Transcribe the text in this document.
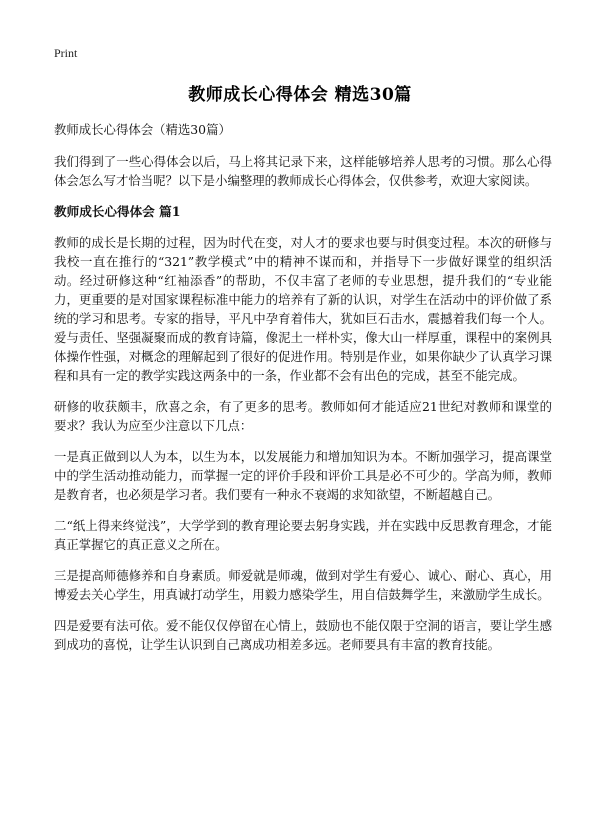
Print
教师成长心得体会 精选30篇

教师成长心得体会（精选30篇）

我们得到了一些心得体会以后，马上将其记录下来，这样能够培养人思考的习惯。那么心得体会怎么写才恰当呢？以下是小编整理的教师成长心得体会，仅供参考，欢迎大家阅读。

教师成长心得体会 篇1

教师的成长是长期的过程，因为时代在变，对人才的要求也要与时俱变过程。本次的研修与我校一直在推行的“321”教学模式”中的精神不谋而和，并指导下一步做好课堂的组织活动。经过研修这种“红袖添香”的帮助，不仅丰富了老师的专业思想，提升我们的“专业能力，更重要的是对国家课程标准中能力的培养有了新的认识，对学生在活动中的评价做了系统的学习和思考。专家的指导，平凡中孕育着伟大，犹如巨石击水，震撼着我们每一个人。爱与责任、坚强凝聚而成的教育诗篇，像泥土一样朴实，像大山一样厚重，课程中的案例具体操作性强，对概念的理解起到了很好的促进作用。特别是作业，如果你缺少了认真学习课程和具有一定的教学实践这两条中的一条，作业都不会有出色的完成，甚至不能完成。

研修的收获颇丰，欣喜之余，有了更多的思考。教师如何才能适应21世纪对教师和课堂的要求？我认为应至少注意以下几点：

一是真正做到以人为本，以生为本，以发展能力和增加知识为本。不断加强学习，提高课堂中的学生活动推动能力，而掌握一定的评价手段和评价工具是必不可少的。学高为师，教师是教育者，也必须是学习者。我们要有一种永不衰竭的求知欲望，不断超越自己。

二“纸上得来终觉浅”，大学学到的教育理论要去躬身实践，并在实践中反思教育理念，才能真正掌握它的真正意义之所在。

三是提高师德修养和自身素质。师爱就是师魂，做到对学生有爱心、诚心、耐心、真心，用博爱去关心学生，用真诚打动学生，用毅力感染学生，用自信鼓舞学生，来激励学生成长。

四是爱要有法可依。爱不能仅仅停留在心情上，鼓励也不能仅限于空洞的语言，要让学生感到成功的喜悦，让学生认识到自己离成功相差多远。老师要具有丰富的教育技能。
